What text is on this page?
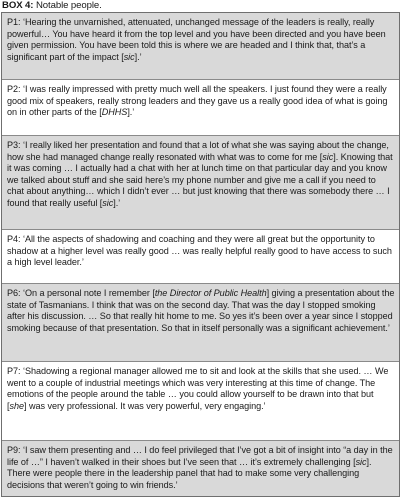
BOX 4: Notable people.

P1: ‘Hearing the unvarnished, attenuated, unchanged message of the leaders is really, really powerful… You have heard it from the top level and you have been directed and you have been given permission. You have been told this is where we are headed and I think that, that’s a significant part of the impact [sic].’

P2: ‘I was really impressed with pretty much well all the speakers. I just found they were a really good mix of speakers, really strong leaders and they gave us a really good idea of what is going on in other parts of the [DHHS].’

P3: ‘I really liked her presentation and found that a lot of what she was saying about the change, how she had managed change really resonated with what was to come for me [sic]. Knowing that it was coming … I actually had a chat with her at lunch time on that particular day and you know we talked about stuff and she said here’s my phone number and give me a call if you need to chat about anything… which I didn’t ever … but just knowing that there was somebody there … I found that really useful [sic].’

P4: ‘All the aspects of shadowing and coaching and they were all great but the opportunity to shadow at a higher level was really good … was really helpful really good to have access to such a high level leader.’

P6: ‘On a personal note I remember [the Director of Public Health] giving a presentation about the state of Tasmanians. I think that was on the second day. That was the day I stopped smoking after his discussion. … So that really hit home to me. So yes it’s been over a year since I stopped smoking because of that presentation. So that in itself personally was a significant achievement.’

P7: ‘Shadowing a regional manager allowed me to sit and look at the skills that she used. … We went to a couple of industrial meetings which was very interesting at this time of change. The emotions of the people around the table … you could allow yourself to be drawn into that but [she] was very professional. It was very powerful, very engaging.’

P9: ‘I saw them presenting and … I do feel privileged that I’ve got a bit of insight into “a day in the life of …” I haven’t walked in their shoes but I’ve seen that … it’s extremely challenging [sic]. There were people there in the leadership panel that had to make some very challenging decisions that weren’t going to win friends.’
